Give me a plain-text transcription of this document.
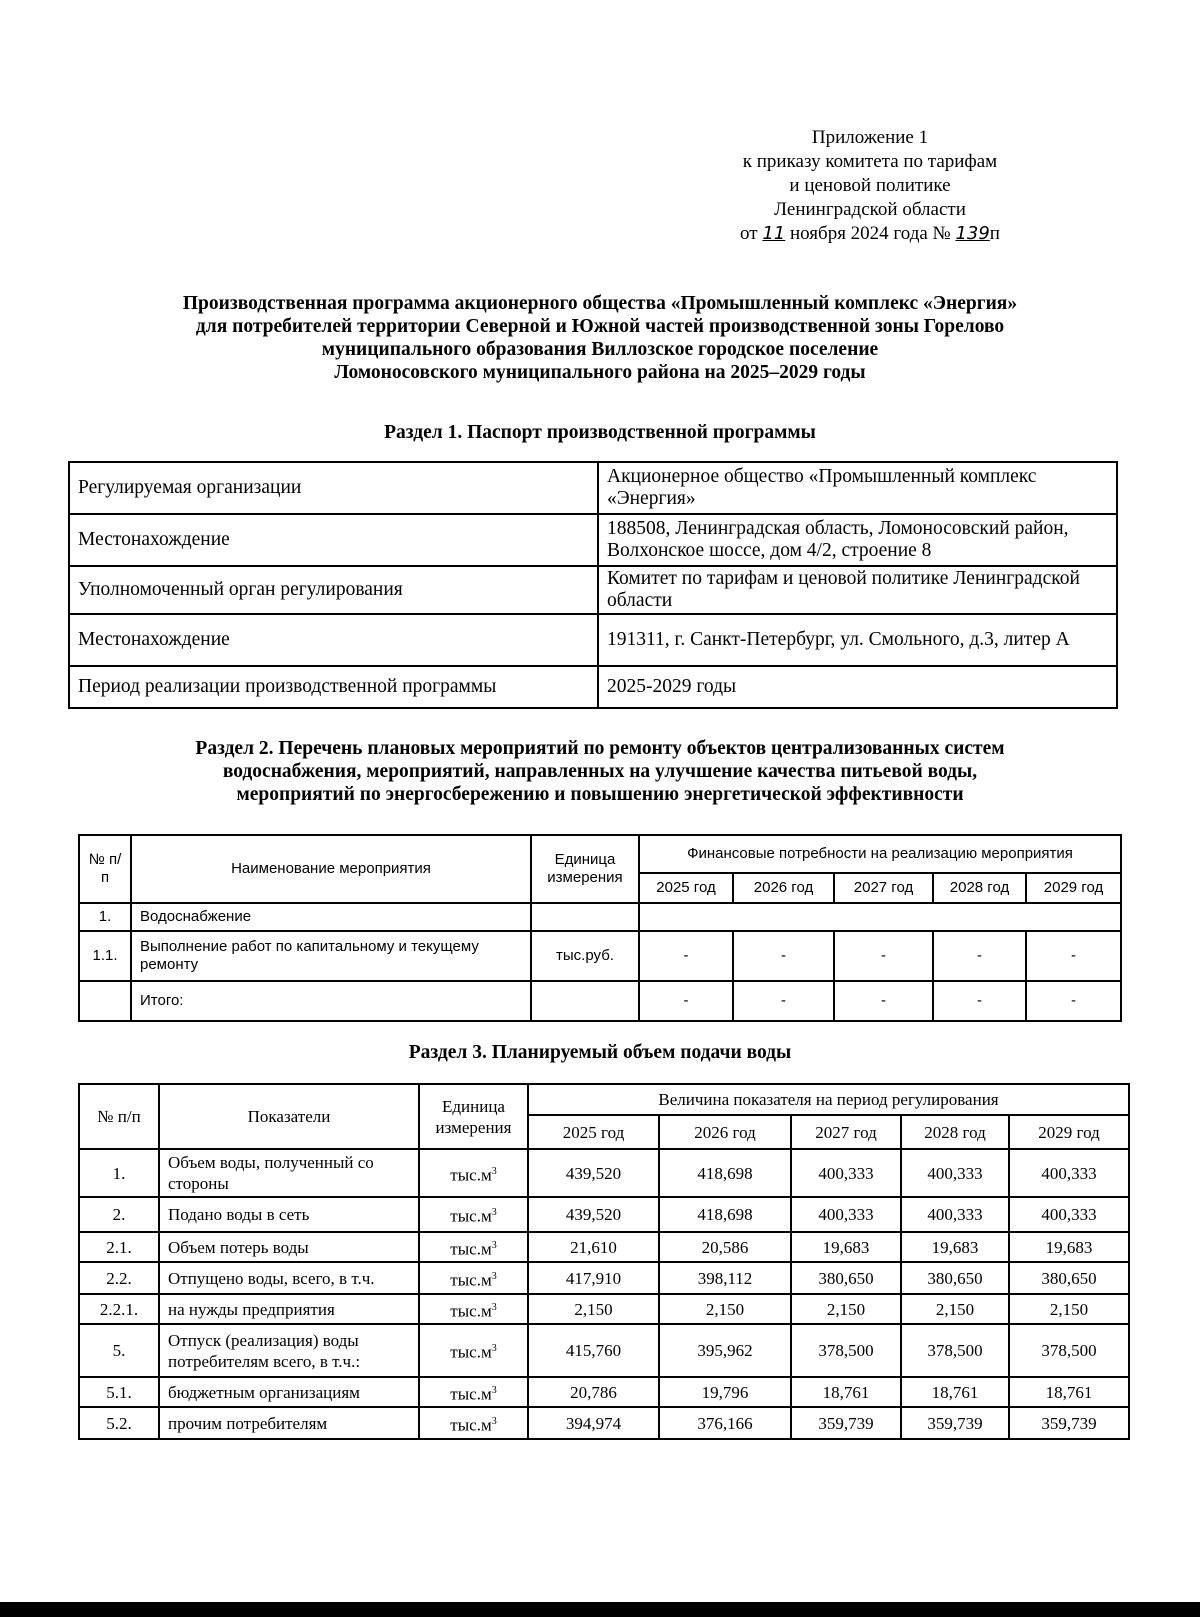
Приложение 1
к приказу комитета по тарифам
и ценовой политике
Ленинградской области
от 11 ноября 2024 года № 139п
Производственная программа акционерного общества «Промышленный комплекс «Энергия»
для потребителей территории Северной и Южной частей производственной зоны Горелово
муниципального образования Виллозское городское поселение
Ломоносовского муниципального района на 2025–2029 годы
Раздел 1. Паспорт производственной программы
Регулируемая организации	Акционерное общество «Промышленный комплекс «Энергия»
Местонахождение	188508, Ленинградская область, Ломоносовский район, Волхонское шоссе, дом 4/2, строение 8
Уполномоченный орган регулирования	Комитет по тарифам и ценовой политике Ленинградской области
Местонахождение	191311, г. Санкт-Петербург, ул. Смольного, д.3, литер А
Период реализации производственной программы	2025-2029 годы
Раздел 2. Перечень плановых мероприятий по ремонту объектов централизованных систем
водоснабжения, мероприятий, направленных на улучшение качества питьевой воды,
мероприятий по энергосбережению и повышению энергетической эффективности
№ п/п	Наименование мероприятия	Единица измерения	Финансовые потребности на реализацию мероприятия				
			2025 год	2026 год	2027 год	2028 год	2029 год
1.	Водоснабжение						
1.1.	Выполнение работ по капитальному и текущему ремонту	тыс.руб.	-	-	-	-	-
	Итого:		-	-	-	-	-
Раздел 3. Планируемый объем подачи воды
№ п/п	Показатели	Единица измерения	Величина показателя на период регулирования				
			2025 год	2026 год	2027 год	2028 год	2029 год
1.	Объем воды, полученный со стороны	$тыс.м^3$	439,520	418,698	400,333	400,333	400,333
2.	Подано воды в сеть	$тыс.м^3$	439,520	418,698	400,333	400,333	400,333
2.1.	Объем потерь воды	$тыс.м^3$	21,610	20,586	19,683	19,683	19,683
2.2.	Отпущено воды, всего, в т.ч.	$тыс.м^3$	417,910	398,112	380,650	380,650	380,650
2.2.1.	на нужды предприятия	$тыс.м^3$	2,150	2,150	2,150	2,150	2,150
5.	Отпуск (реализация) воды потребителям всего, в т.ч.:	$тыс.м^3$	415,760	395,962	378,500	378,500	378,500
5.1.	бюджетным организациям	$тыс.м^3$	20,786	19,796	18,761	18,761	18,761
5.2.	прочим потребителям	$тыс.м^3$	394,974	376,166	359,739	359,739	359,739
